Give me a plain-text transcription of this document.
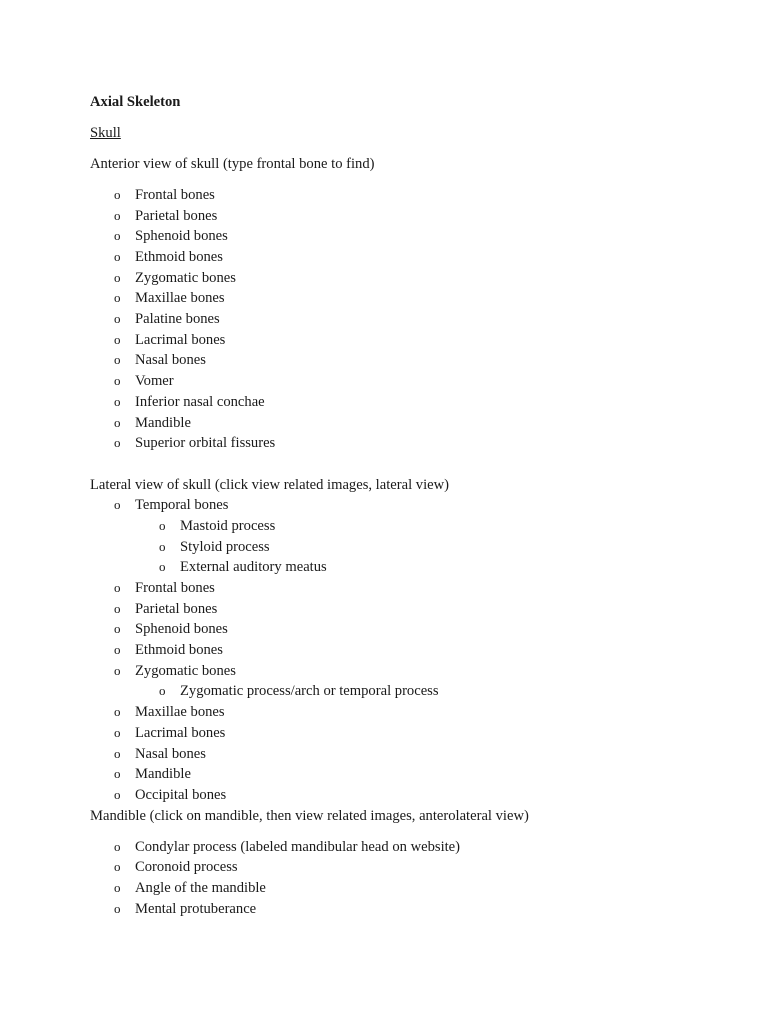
Axial Skeleton
Skull
Anterior view of skull (type frontal bone to find)
o Frontal bones
o Parietal bones
o Sphenoid bones
o Ethmoid bones
o Zygomatic bones
o Maxillae bones
o Palatine bones
o Lacrimal bones
o Nasal bones
o Vomer
o Inferior nasal conchae
o Mandible
o Superior orbital fissures
Lateral view of skull (click view related images, lateral view)
o Temporal bones
o Mastoid process
o Styloid process
o External auditory meatus
o Frontal bones
o Parietal bones
o Sphenoid bones
o Ethmoid bones
o Zygomatic bones
o Zygomatic process/arch or temporal process
o Maxillae bones
o Lacrimal bones
o Nasal bones
o Mandible
o Occipital bones
Mandible (click on mandible, then view related images, anterolateral view)
o Condylar process (labeled mandibular head on website)
o Coronoid process
o Angle of the mandible
o Mental protuberance
